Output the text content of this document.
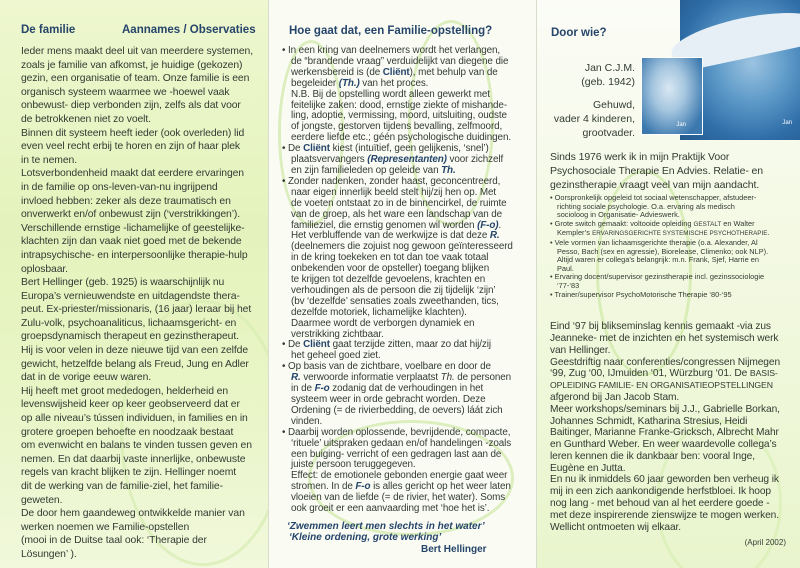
De familie	Aannames / Observaties
Ieder mens maakt deel uit van meerdere systemen,
zoals je familie van afkomst, je huidige (gekozen)
gezin, een organisatie of team. Onze familie is een
organisch systeem waarmee we -hoewel vaak
onbewust- diep verbonden zijn, zelfs als dat voor
de betrokkenen niet zo voelt.
Binnen dit systeem heeft ieder (ook overleden) lid
even veel recht erbij te horen en zijn of haar plek
in te nemen.
Lotsverbondenheid maakt dat eerdere ervaringen
in de familie op ons-leven-van-nu ingrijpend
invloed hebben: zeker als deze traumatisch en
onverwerkt en/of onbewust zijn (‘verstrikkingen’).
Verschillende ernstige -lichamelijke of geestelijke-
klachten zijn dan vaak niet goed met de bekende
intrapsychische- en interpersoonlijke therapie-hulp
oplosbaar.
Bert Hellinger (geb. 1925) is waarschijnlijk nu
Europa’s vernieuwendste en uitdagendste thera-
peut. Ex-priester/missionaris, (16 jaar) leraar bij het
Zulu-volk, psychoanaliticus, lichaamsgericht- en
groepsdynamisch therapeut en gezinstherapeut.
Hij is voor velen in deze nieuwe tijd van een zelfde
gewicht, hetzelfde belang als Freud, Jung en Adler
dat in de vorige eeuw waren.
Hij heeft met groot mededogen, helderheid en
levenswijsheid keer op keer geobserveerd dat er
op alle niveau’s tússen individuen, in families en in
grotere groepen behoefte en noodzaak bestaat
om evenwicht en balans te vinden tussen geven en
nemen. En dat daarbij vaste innerlijke, onbewuste
regels van kracht blijken te zijn. Hellinger noemt
dit de werking van de familie-ziel, het familie-
geweten.
De door hem gaandeweg ontwikkelde manier van
werken noemen we Familie-opstellen
(mooi in de Duitse taal ook: ‘Therapie der
Lösungen’ ).
Hoe gaat dat, een Familie-opstelling?
• In een kring van deelnemers wordt het verlangen,
de “brandende vraag” verduidelijkt van diegene die
werkensbereid is (de Cliënt), met behulp van de
begeleider (Th.) van het proces.
N.B. Bij de opstelling wordt alleen gewerkt met
feitelijke zaken: dood, ernstige ziekte of mishande-
ling, adoptie, vermissing, moord, uitsluiting, oudste
of jongste, gestorven tijdens bevalling, zelfmoord,
eerdere liefde etc.; géén psychologische duidingen.
• De Cliënt kiest (intuïtief, geen gelijkenis, ‘snel’)
plaatsvervangers (Representanten) voor zichzelf
en zijn familieleden op geleide van Th.
• Zonder nadenken, zonder haast, geconcentreerd,
naar eigen innerlijk beeld stelt hij/zij hen op. Met
de voeten ontstaat zo in de binnencirkel, de ruimte
van de groep, als het ware een landschap van de
familieziel, die ernstig genomen wil worden (F-o).
Het verbluffende van de werkwijze is dat deze R.
(deelnemers die zojuist nog gewoon geïnteresseerd
in de kring toekeken en tot dan toe vaak totaal
onbekenden voor de opsteller) toegang blijken
te krijgen tot dezelfde gevoelens, krachten en
verhoudingen als de persoon die zij tijdelijk ‘zijn’
(bv ‘dezelfde’ sensaties zoals zweethanden, tics,
dezelfde motoriek, lichamelijke klachten).
Daarmee wordt de verborgen dynamiek en
verstrikking zichtbaar.
• De Cliënt gaat terzijde zitten, maar zo dat hij/zij
het geheel goed ziet.
• Op basis van de zichtbare, voelbare en door de
R. verwoorde informatie verplaatst Th. de personen
in de F-o zodanig dat de verhoudingen in het
systeem weer in orde gebracht worden. Deze
Ordening (= de rivierbedding, de oevers) láát zich
vinden.
• Daarbij worden oplossende, bevrijdende, compacte,
‘rituele’ uitspraken gedaan en/of handelingen -zoals
een buiging- verricht of een gedragen last aan de
juiste persoon teruggegeven.
Effect: de emotionele gebonden energie gaat weer
stromen. In de F-o is alles gericht op het weer laten
vloeien van de liefde (= de rivier, het water). Soms
ook groeit er een aanvaarding met ‘hoe het is’.
‘Zwemmen leert men slechts in het water’
‘Kleine ordening, grote werking’
Bert Hellinger
Jan
Jan
Door wie?
Jan C.J.M.
(geb. 1942)
Gehuwd,
vader 4 kinderen,
grootvader.
Sinds 1976 werk ik in mijn Praktijk Voor
Psychosociale Therapie En Advies. Relatie- en
gezinstherapie vraagt veel van mijn aandacht.
• Oorspronkelijk opgeleid tot sociaal wetenschapper, afstudeer-
richting sociale psychologie. O.a. ervaring als medisch
socioloog in Organisatie- Advieswerk.
• Grote switch gemaakt: voltooide opleiding GESTALT en Walter
Kempler’s ERVARINGSGERICHTE SYSTEMISCHE PSYCHOTHERAPIE.
• Vele vormen van lichaamsgerichte therapie (o.a. Alexander, Al
Pesso, Bach (sex en agressie), Biorelease, Climenko; ook NLP).
Altijd waren er collega’s belangrijk: m.n. Frank, Sjef, Harrie en
Paul.
• Ervaring docent/supervisor gezinstherapie incl. gezinssociologie
‘77-‘83
• Trainer/supervisor PsychoMotorische Therapie ‘80-‘95
Eind ‘97 bij blikseminslag kennis gemaakt -via zus
Jeanneke- met de inzichten en het systemisch werk
van Hellinger.
Geestdriftig naar conferenties/congressen Nijmegen
‘99, Zug ‘00, IJmuiden ‘01, Würzburg ‘01. De BASIS-
OPLEIDING FAMILIE- EN ORGANISATIEOPSTELLINGEN
afgerond bij Jan Jacob Stam.
Meer workshops/seminars bij J.J., Gabrielle Borkan,
Johannes Schmidt, Katharina Stresius, Heidi
Baitinger, Marianne Franke-Gricksch, Albrecht Mahr
en Gunthard Weber. En weer waardevolle collega’s
leren kennen die ik dankbaar ben: vooral Inge,
Eugène en Jutta.
En nu ik inmiddels 60 jaar geworden ben verheug ik
mij in een zich aankondigende herfstbloei. Ik hoop
nog lang - met behoud van al het eerdere goede -
met deze inspirerende zienswijze te mogen werken.
Wellicht ontmoeten wij elkaar.
(April 2002)
